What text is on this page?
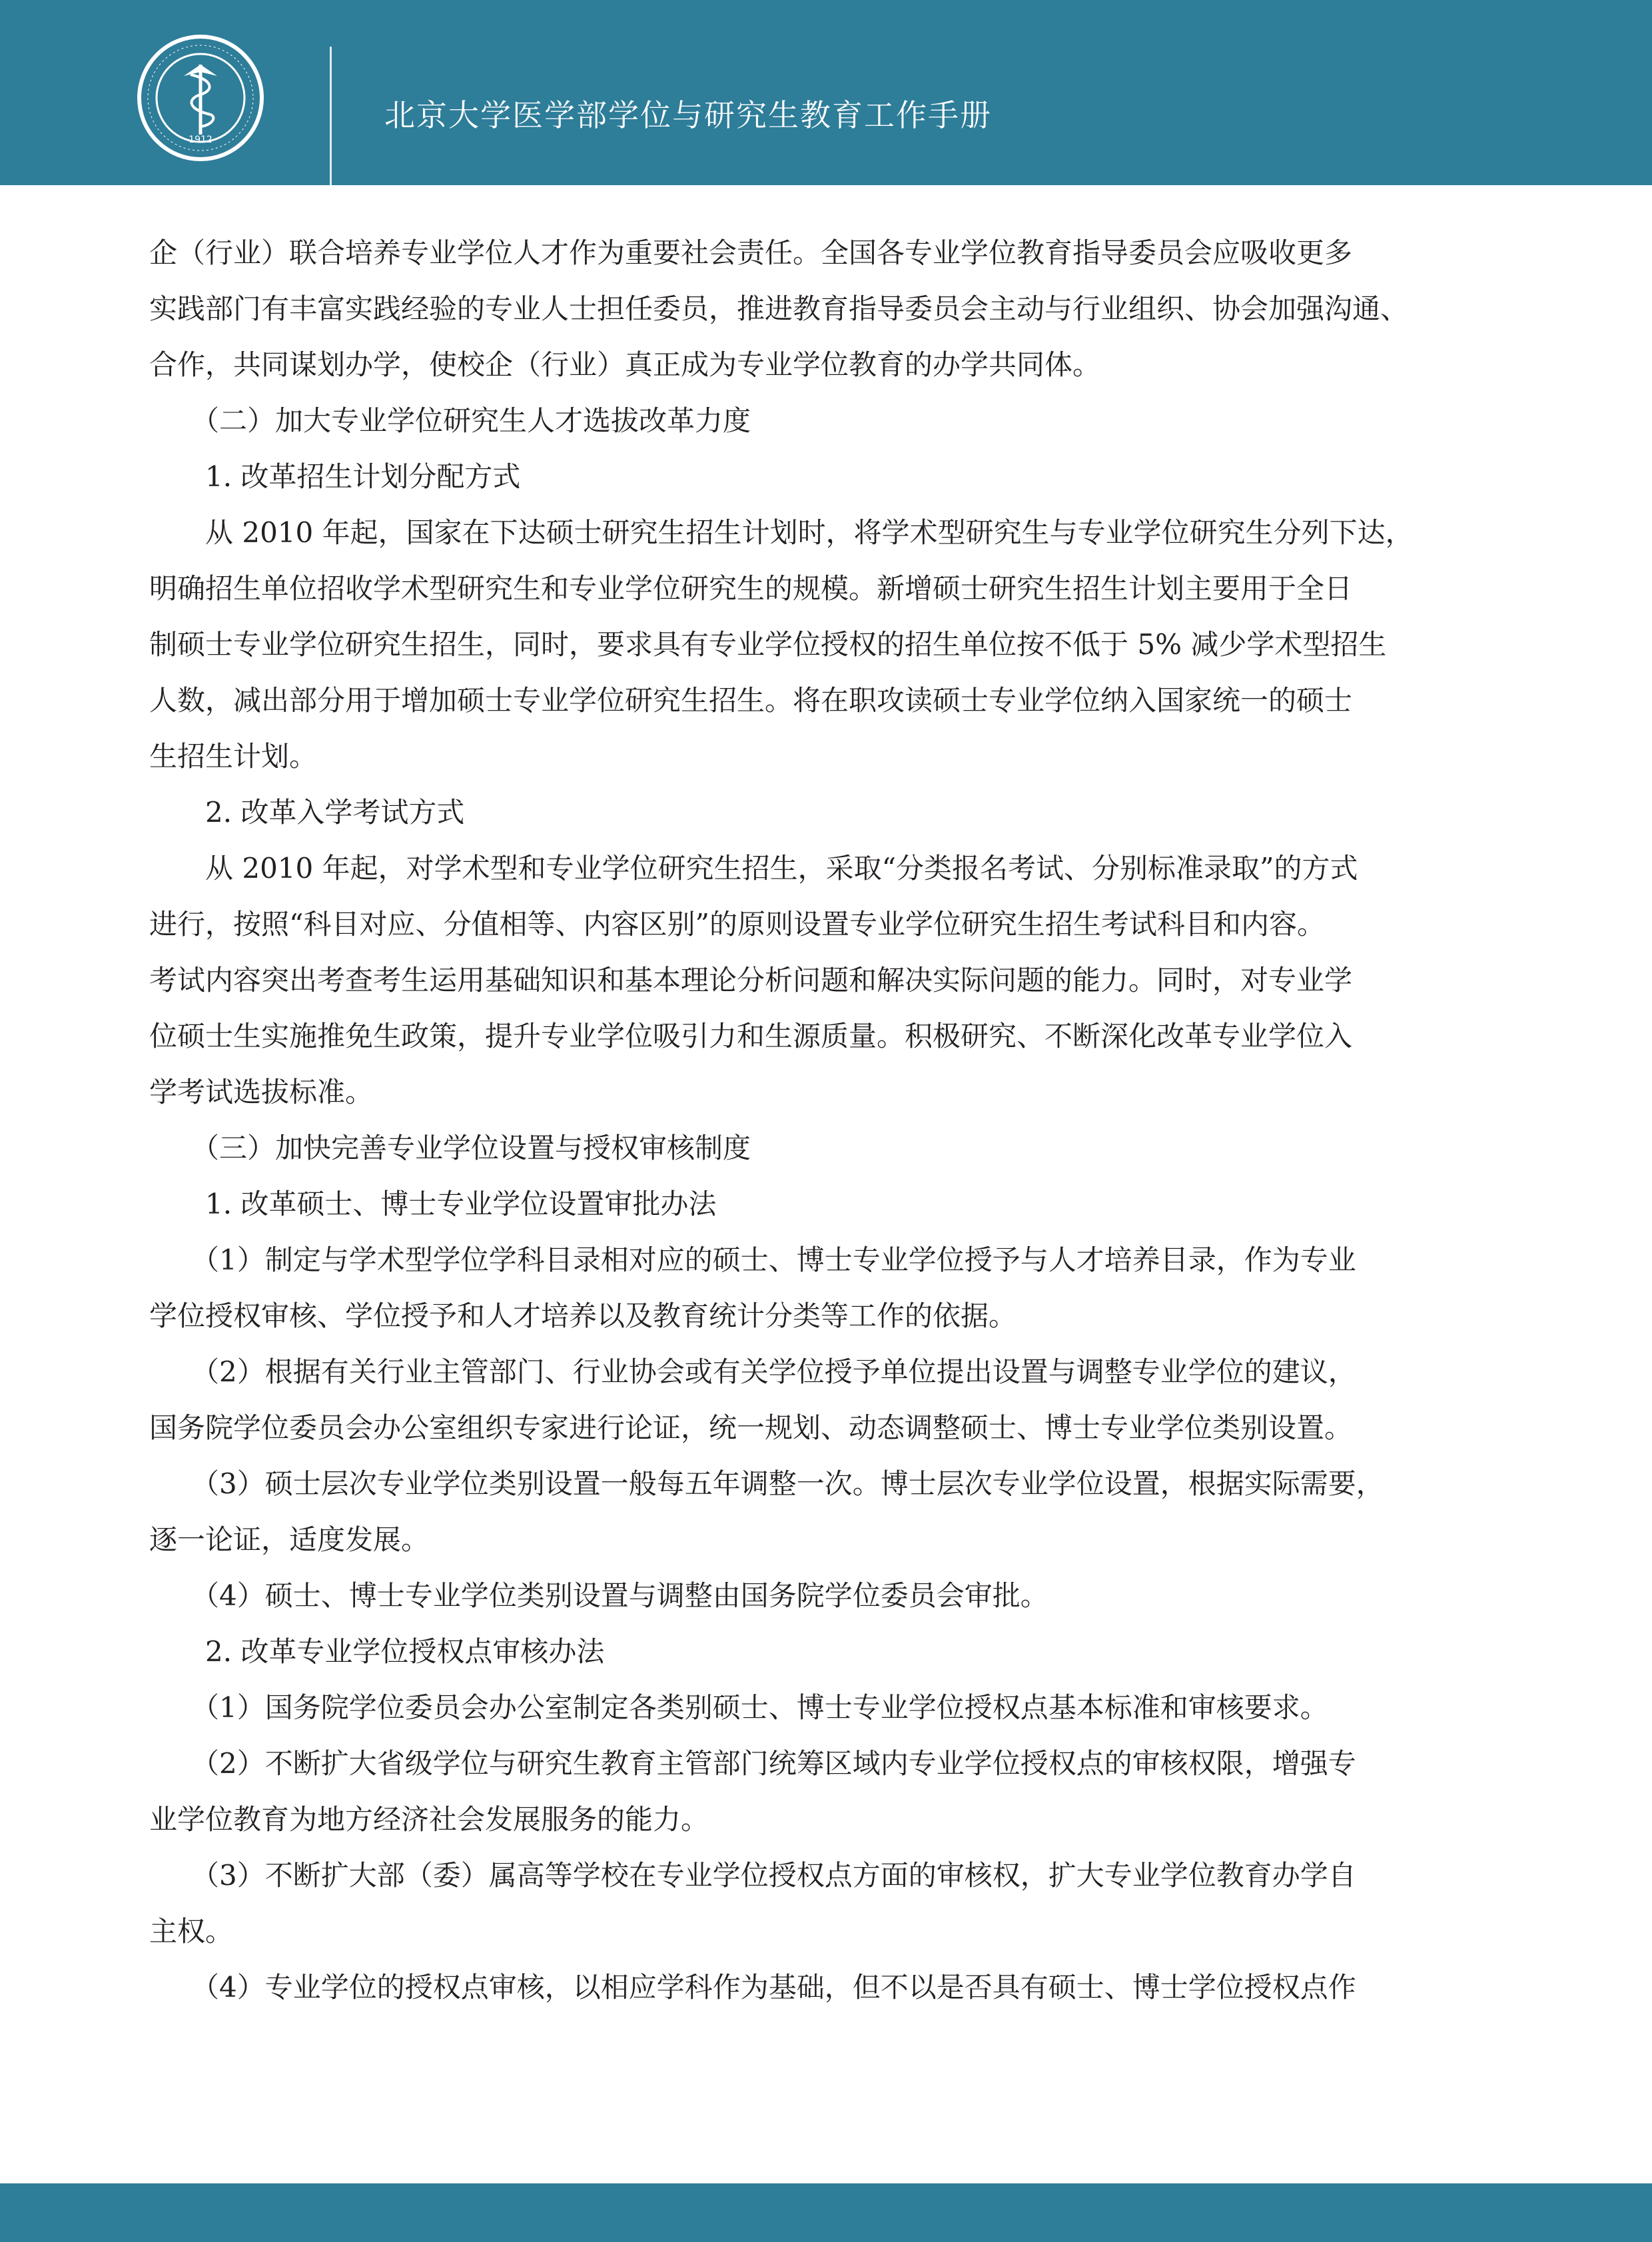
1912
北京大学医学部学位与研究生教育工作手册
企（行业）联合培养专业学位人才作为重要社会责任。全国各专业学位教育指导委员会应吸收更多
实践部门有丰富实践经验的专业人士担任委员，推进教育指导委员会主动与行业组织、协会加强沟通、
合作，共同谋划办学，使校企（行业）真正成为专业学位教育的办学共同体。
　　（二）加大专业学位研究生人才选拔改革力度
　　1. 改革招生计划分配方式
　　从 2010 年起，国家在下达硕士研究生招生计划时，将学术型研究生与专业学位研究生分列下达，
明确招生单位招收学术型研究生和专业学位研究生的规模。新增硕士研究生招生计划主要用于全日
制硕士专业学位研究生招生，同时，要求具有专业学位授权的招生单位按不低于 5% 减少学术型招生
人数，减出部分用于增加硕士专业学位研究生招生。将在职攻读硕士专业学位纳入国家统一的硕士
生招生计划。
　　2. 改革入学考试方式
　　从 2010 年起，对学术型和专业学位研究生招生，采取“分类报名考试、分别标准录取”的方式
进行，按照“科目对应、分值相等、内容区别”的原则设置专业学位研究生招生考试科目和内容。
考试内容突出考查考生运用基础知识和基本理论分析问题和解决实际问题的能力。同时，对专业学
位硕士生实施推免生政策，提升专业学位吸引力和生源质量。积极研究、不断深化改革专业学位入
学考试选拔标准。
　　（三）加快完善专业学位设置与授权审核制度
　　1. 改革硕士、博士专业学位设置审批办法
　　（1）制定与学术型学位学科目录相对应的硕士、博士专业学位授予与人才培养目录，作为专业
学位授权审核、学位授予和人才培养以及教育统计分类等工作的依据。
　　（2）根据有关行业主管部门、行业协会或有关学位授予单位提出设置与调整专业学位的建议，
国务院学位委员会办公室组织专家进行论证，统一规划、动态调整硕士、博士专业学位类别设置。
　　（3）硕士层次专业学位类别设置一般每五年调整一次。博士层次专业学位设置，根据实际需要，
逐一论证，适度发展。
　　（4）硕士、博士专业学位类别设置与调整由国务院学位委员会审批。
　　2. 改革专业学位授权点审核办法
　　（1）国务院学位委员会办公室制定各类别硕士、博士专业学位授权点基本标准和审核要求。
　　（2）不断扩大省级学位与研究生教育主管部门统筹区域内专业学位授权点的审核权限，增强专
业学位教育为地方经济社会发展服务的能力。
　　（3）不断扩大部（委）属高等学校在专业学位授权点方面的审核权，扩大专业学位教育办学自
主权。
　　（4）专业学位的授权点审核，以相应学科作为基础，但不以是否具有硕士、博士学位授权点作
